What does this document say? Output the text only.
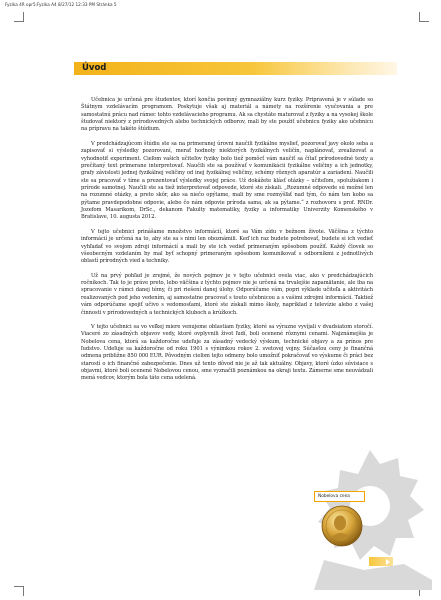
Fyzika 4R opr5:Fyzika A4 8/27/12 12:33 PM Stránka 5
Úvod

Učebnica je určená pre študentov, ktorí končia povinný gymnaziálny kurz fyziky. Pripravená je v súlade so Štátnym vzdelávacím programom. Poskytuje však aj materiál a námety na rozšírenie vyučovania a pre samostatnú prácu nad rámec tohto vzdelávacieho programu. Ak sa chystáte maturovať z fyziky a na vysokej škole študovať niektorý z prírodovedných alebo technických odborov, mali by ste použiť učebnicu fyziky ako učebnicu na prípravu na takéto štúdium.

V predchádzajúcom štúdiu ste sa na primeranej úrovni naučili fyzikálne myslieť, pozorovať javy okolo seba a zapisovať si výsledky pozorovaní, merať hodnoty niektorých fyzikálnych veličín, naplánovať, zrealizovať a vyhodnotiť experiment. Cieľom vašich učiteľov fyziky bolo tiež pomôcť vám naučiť sa čítať prírodovedné texty a prečítaný text primerane interpretovať. Naučili ste sa používať v komunikácii fyzikálne veličiny a ich jednotky, grafy závislosti jednej fyzikálnej veličiny od inej fyzikálnej veličiny, schémy rôznych aparatúr a zariadení. Naučili ste sa pracovať v tíme a prezentovať výsledky svojej práce. Už dokážete klásť otázky – učiteľom, spolužiakom i prírode samotnej. Naučili ste sa tiež interpretovať odpovede, ktoré ste získali. „Rozumné odpovede sú možné len na rozumné otázky, a preto skôr, ako sa niečo opýtame, mali by sme rozmýšľať nad tým, čo nám ten kobo sa pýtame pravdepodobne odpovie, alebo čo nám odpovie príroda sama, ak sa pýtame.“ z rozhovoru s prof. RNDr. Jozefom Masarikom, DrSc., dekanom Fakulty matematiky, fyziky a informatiky Univerzity Komenského v Bratislave, 10. augusta 2012.

V tejto učebnici prinášame množstvo informácií, ktoré sa Vám zídu v bežnom živote. Väčšina z týchto informácií je určená na to, aby ste sa s nimi len oboznámili. Keď ich raz budete potrebovať, budete si ich vedieť vyhľadať vo svojom zdroji informácií a mali by ste ich vedieť primeraným spôsobom použiť. Každý človek so všeobecným vzdelaním by mal byť schopný primeraným spôsobom komunikovať s odborníkmi z jednotlivých oblastí prírodných vied a techniky.

Už na prvý pohľad je zrejmé, že nových pojmov je v tejto učebnici ovela viac, ako v predchádzajúcich ročníkoch. Tak to je práve preto, lebo väčšina z týchto pojmov nie je určená na trvalejšie zapamätanie, ale iba na spracovanie v rámci danej témy, či pri riešení danej úlohy. Odporúčame vám, popri výklade učiteľa a aktivitách realizovaných pod jeho vedením, aj samostatne pracovať s touto učebnicou a s vašimi zdrojmi informácií. Taktiež vám odporúčame spojiť učivo s vedomosťami, ktoré ste získali mimo školy, napríklad z televízie alebo z vašej činnosti v prírodovedných a technických kluboch a krúžkoch.

V tejto učebnici sa vo veľkej miere venujeme oblastiam fyziky, ktoré sa výrazne vyvíjali v dvadsiatom storočí. Viaceré zo zásadných objavov vedy, ktoré ovplyvnili život ľudí, boli ocenené rôznymi cenami. Najznámejšia je Nobelova cena, ktorá sa každoročne udeľuje za zásadný vedecký výskum, technické objavy a za prínos pre ľudstvo. Udeľuje sa každoročne od roku 1901 s výnimkou rokov 2. svetovej vojny. Súčasťou ceny je finančná odmena približne 850 000 EUR. Pôvodným cieľom tejto odmeny bolo umožniť pokračovať vo výskume či práci bez starostí o ich finančné zabezpečenie. Dnes už tento dôvod nie je až tak aktuálny. Objavy, ktoré úzko súvisiace s objavmi, ktoré boli ocenené Nobelovou cenou, sme vyznačili poznámkou na okraji textu. Zámerne sme neuvádzali mená vedcov, ktorým bola táto cena udelená.

Nobelova cena
